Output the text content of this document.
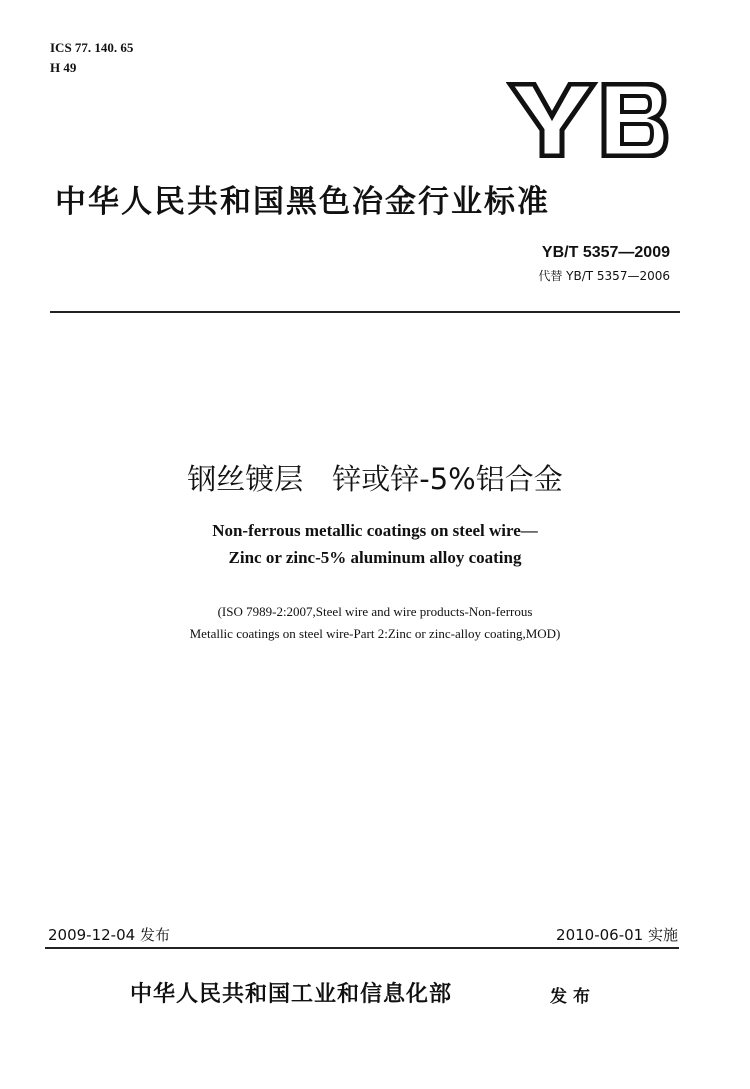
ICS 77. 140. 65
H 49
中华人民共和国黑色冶金行业标准
YB/T 5357—2009
代替 YB/T 5357—2006
钢丝镀层　锌或锌-5%铝合金
Non-ferrous metallic coatings on steel wire—
Zinc or zinc-5% aluminum alloy coating
(ISO 7989-2:2007,Steel wire and wire products-Non-ferrous
Metallic coatings on steel wire-Part 2:Zinc or zinc-alloy coating,MOD)
2009-12-04 发布	2010-06-01 实施
中华人民共和国工业和信息化部	发布
